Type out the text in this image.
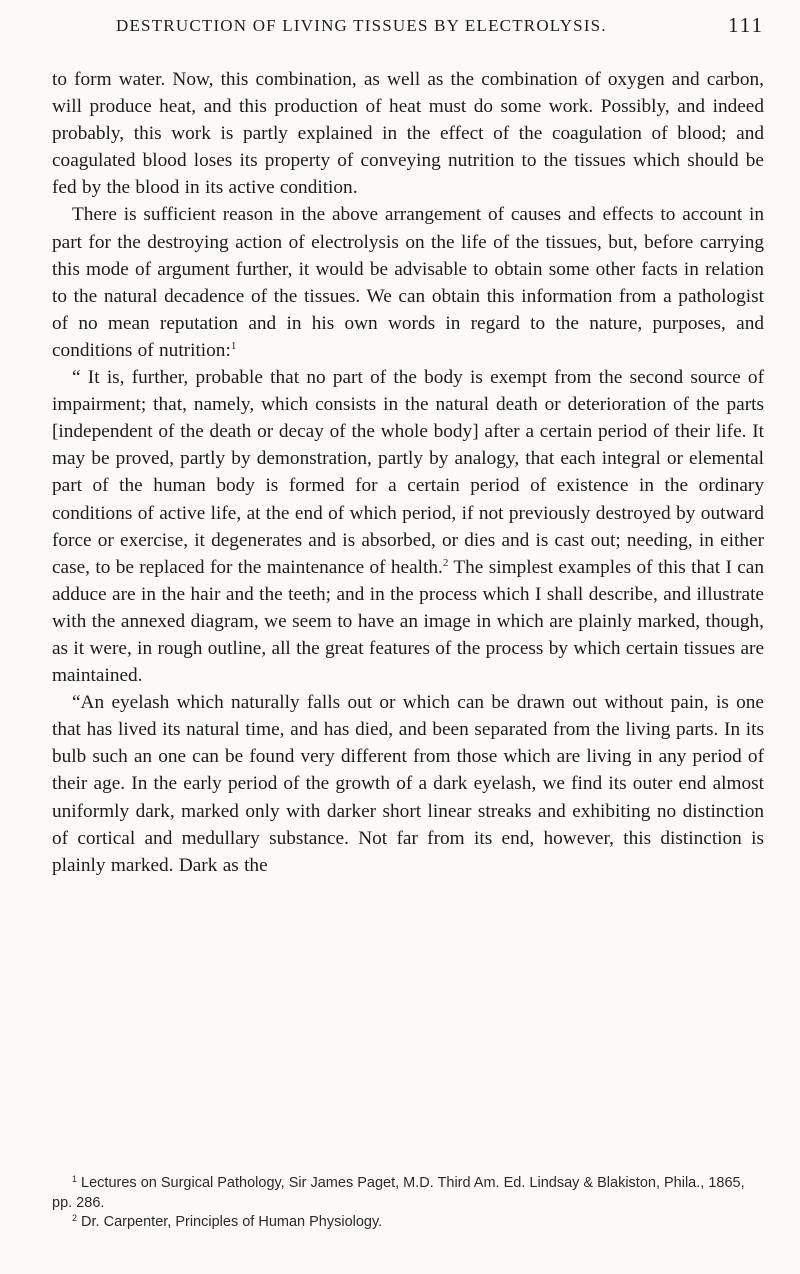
DESTRUCTION OF LIVING TISSUES BY ELECTROLYSIS.	111

to form water. Now, this combination, as well as the combination of oxygen and carbon, will produce heat, and this production of heat must do some work. Possibly, and indeed probably, this work is partly explained in the effect of the coagulation of blood; and coagulated blood loses its property of conveying nutrition to the tissues which should be fed by the blood in its active condition.

There is sufficient reason in the above arrangement of causes and effects to account in part for the destroying action of electrolysis on the life of the tissues, but, before carrying this mode of argument further, it would be advisable to obtain some other facts in relation to the natural decadence of the tissues. We can obtain this information from a pathologist of no mean reputation and in his own words in regard to the nature, purposes, and conditions of nutrition:$^1$

“ It is, further, probable that no part of the body is exempt from the second source of impairment; that, namely, which consists in the natural death or deterioration of the parts [independent of the death or decay of the whole body] after a certain period of their life. It may be proved, partly by demonstration, partly by analogy, that each integral or elemental part of the human body is formed for a certain period of existence in the ordinary conditions of active life, at the end of which period, if not previously destroyed by outward force or exercise, it degenerates and is absorbed, or dies and is cast out; needing, in either case, to be replaced for the maintenance of health.$^2$ The simplest examples of this that I can adduce are in the hair and the teeth; and in the process which I shall describe, and illustrate with the annexed diagram, we seem to have an image in which are plainly marked, though, as it were, in rough outline, all the great features of the process by which certain tissues are maintained.

“An eyelash which naturally falls out or which can be drawn out without pain, is one that has lived its natural time, and has died, and been separated from the living parts. In its bulb such an one can be found very different from those which are living in any period of their age. In the early period of the growth of a dark eyelash, we find its outer end almost uniformly dark, marked only with darker short linear streaks and exhibiting no distinction of cortical and medullary substance. Not far from its end, however, this distinction is plainly marked. Dark as the

$^1$ Lectures on Surgical Pathology, Sir James Paget, M.D. Third Am. Ed. Lindsay & Blakiston, Phila., 1865, pp. 286.

$^2$ Dr. Carpenter, Principles of Human Physiology.
